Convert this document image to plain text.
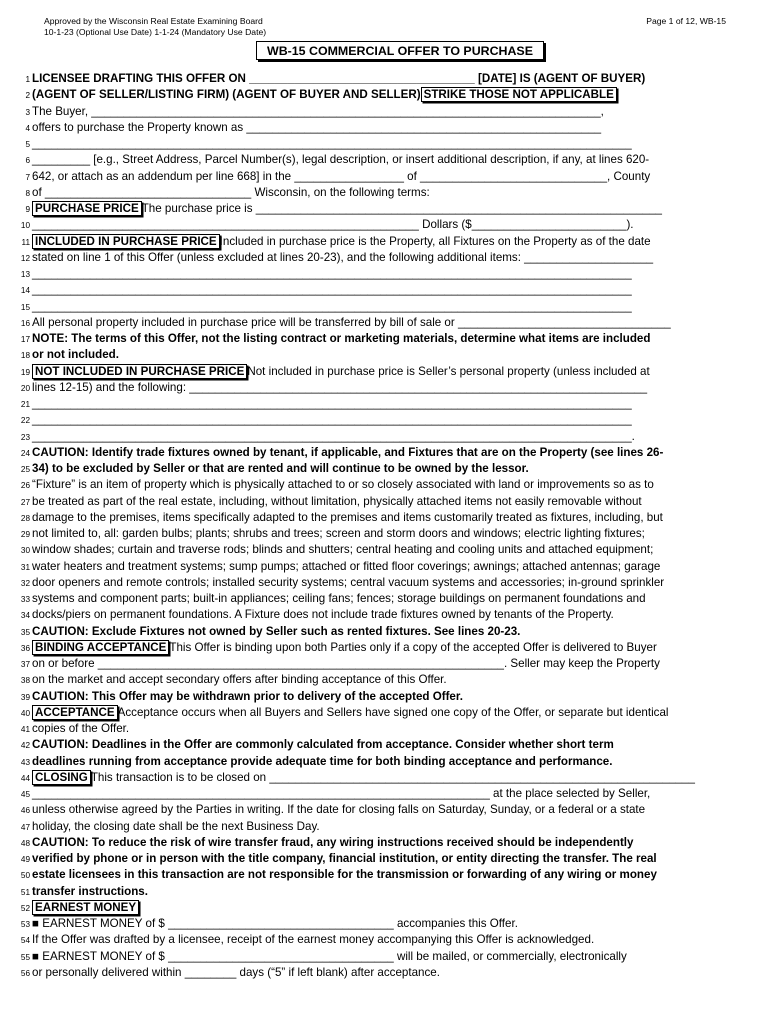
Approved by the Wisconsin Real Estate Examining Board
10-1-23 (Optional Use Date) 1-1-24 (Mandatory Use Date)
Page 1 of 12, WB-15
WB-15 COMMERCIAL OFFER TO PURCHASE
1 LICENSEE DRAFTING THIS OFFER ON ___________________________________ [DATE] IS (AGENT OF BUYER)
2 (AGENT OF SELLER/LISTING FIRM) (AGENT OF BUYER AND SELLER)STRIKE THOSE NOT APPLICABLE
3 The Buyer, _______________________________________________________________________________,
4 offers to purchase the Property known as _______________________________________________________
5 _____________________________________________________________________________________________
6 _________ [e.g., Street Address, Parcel Number(s), legal description, or insert additional description, if any, at lines 620-
7 642, or attach as an addendum per line 668] in the _________________ of _____________________________, County
8 of ________________________________ Wisconsin, on the following terms:
9 PURCHASE PRICEThe purchase price is _______________________________________________________________
10 ____________________________________________________________ Dollars ($________________________).
11 INCLUDED IN PURCHASE PRICEIncluded in purchase price is the Property, all Fixtures on the Property as of the date
12 stated on line 1 of this Offer (unless excluded at lines 20-23), and the following additional items: ____________________
13 _____________________________________________________________________________________________
14 _____________________________________________________________________________________________
15 _____________________________________________________________________________________________
16 All personal property included in purchase price will be transferred by bill of sale or _________________________________
17 NOTE: The terms of this Offer, not the listing contract or marketing materials, determine what items are included
18 or not included.
19 NOT INCLUDED IN PURCHASE PRICENot included in purchase price is Seller’s personal property (unless included at
20 lines 12-15) and the following: _______________________________________________________________________
21 _____________________________________________________________________________________________
22 _____________________________________________________________________________________________
23 _____________________________________________________________________________________________.
24 CAUTION: Identify trade fixtures owned by tenant, if applicable, and Fixtures that are on the Property (see lines 26-
25 34) to be excluded by Seller or that are rented and will continue to be owned by the lessor.
26 “Fixture” is an item of property which is physically attached to or so closely associated with land or improvements so as to
27 be treated as part of the real estate, including, without limitation, physically attached items not easily removable without
28 damage to the premises, items specifically adapted to the premises and items customarily treated as fixtures, including, but
29 not limited to, all: garden bulbs; plants; shrubs and trees; screen and storm doors and windows; electric lighting fixtures;
30 window shades; curtain and traverse rods; blinds and shutters; central heating and cooling units and attached equipment;
31 water heaters and treatment systems; sump pumps; attached or fitted floor coverings; awnings; attached antennas; garage
32 door openers and remote controls; installed security systems; central vacuum systems and accessories; in-ground sprinkler
33 systems and component parts; built-in appliances; ceiling fans; fences; storage buildings on permanent foundations and
34 docks/piers on permanent foundations. A Fixture does not include trade fixtures owned by tenants of the Property.
35 CAUTION: Exclude Fixtures not owned by Seller such as rented fixtures. See lines 20-23.
36 BINDING ACCEPTANCEThis Offer is binding upon both Parties only if a copy of the accepted Offer is delivered to Buyer
37 on or before _______________________________________________________________. Seller may keep the Property
38 on the market and accept secondary offers after binding acceptance of this Offer.
39 CAUTION: This Offer may be withdrawn prior to delivery of the accepted Offer.
40 ACCEPTANCEAcceptance occurs when all Buyers and Sellers have signed one copy of the Offer, or separate but identical
41 copies of the Offer.
42 CAUTION: Deadlines in the Offer are commonly calculated from acceptance. Consider whether short term
43 deadlines running from acceptance provide adequate time for both binding acceptance and performance.
44 CLOSINGThis transaction is to be closed on __________________________________________________________________
45 _______________________________________________________________________ at the place selected by Seller,
46 unless otherwise agreed by the Parties in writing. If the date for closing falls on Saturday, Sunday, or a federal or a state
47 holiday, the closing date shall be the next Business Day.
48 CAUTION: To reduce the risk of wire transfer fraud, any wiring instructions received should be independently
49 verified by phone or in person with the title company, financial institution, or entity directing the transfer. The real
50 estate licensees in this transaction are not responsible for the transmission or forwarding of any wiring or money
51 transfer instructions.
52 EARNEST MONEY
53 ■ EARNEST MONEY of $ ___________________________________ accompanies this Offer.
54 If the Offer was drafted by a licensee, receipt of the earnest money accompanying this Offer is acknowledged.
55 ■ EARNEST MONEY of $ ___________________________________ will be mailed, or commercially, electronically
56 or personally delivered within ________ days (“5” if left blank) after acceptance.
